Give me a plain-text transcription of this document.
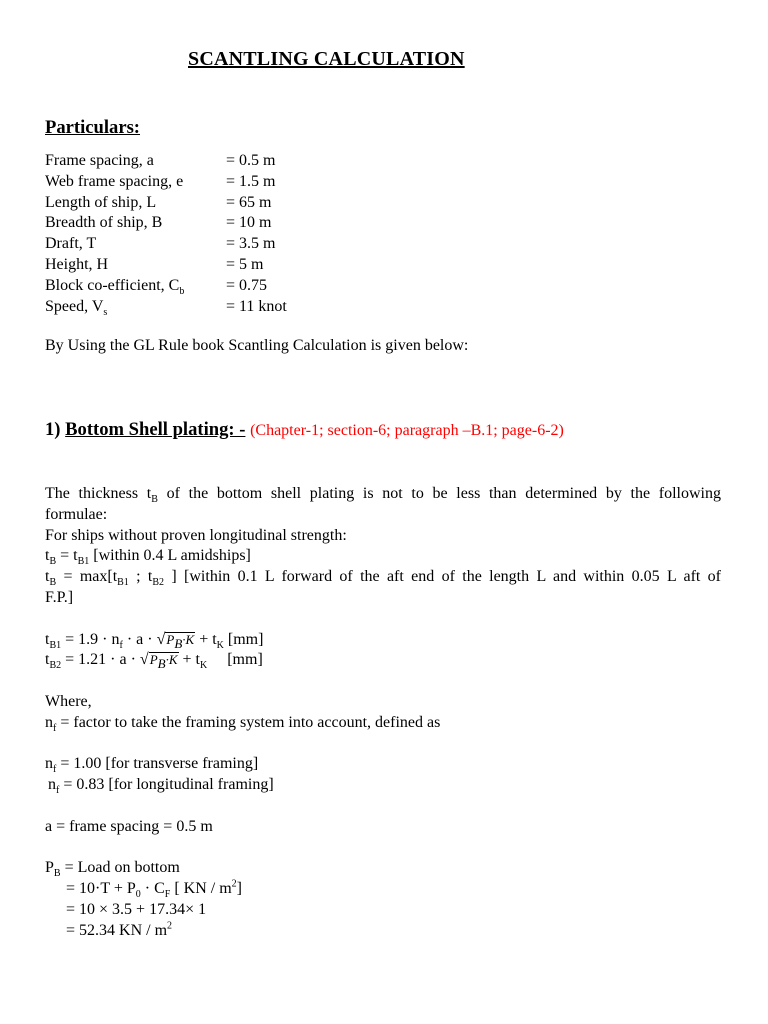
SCANTLING CALCULATION
Particulars:
Frame spacing, a	= 0.5 m
Web frame spacing, e	= 1.5 m
Length of ship, L	= 65 m
Breadth of ship, B	= 10 m
Draft, T	= 3.5 m
Height, H	= 5 m
Block co-efficient, $C_b$	= 0.75
Speed, $V_s$	= 11 knot
By Using the GL Rule book Scantling Calculation is given below:
1) Bottom Shell plating: - (Chapter-1; section-6; paragraph –B.1; page-6-2)
The thickness $t_B$ of the bottom shell plating is not to be less than determined by the following
formulae:
For ships without proven longitudinal strength:
$t_B = t_{B1}$ [within 0.4 L amidships]
$t_B = \max[t_{B1}$ ; $t_{B2}$ ] [within 0.1 L forward of the aft end of the length L and within 0.05 L aft of
F.P.]
$t_{B1} = 1.9 \cdot n_f \cdot a \cdot √P_B\cdot K + t_K$ [mm]
$t_{B2} = 1.21 \cdot a \cdot √P_B\cdot K + t_K$     [mm]
Where,
$n_f$ = factor to take the framing system into account, defined as
$n_f = 1.00$ [for transverse framing]
$n_f = 0.83$ [for longitudinal framing]
a = frame spacing = 0.5 m
$P_B$ = Load on bottom
= $10\cdot T + P_0 \cdot C_F$ [ KN / $m^2$]
= 10 × 3.5 + 17.34× 1
= 52.34 KN / $m^2$
